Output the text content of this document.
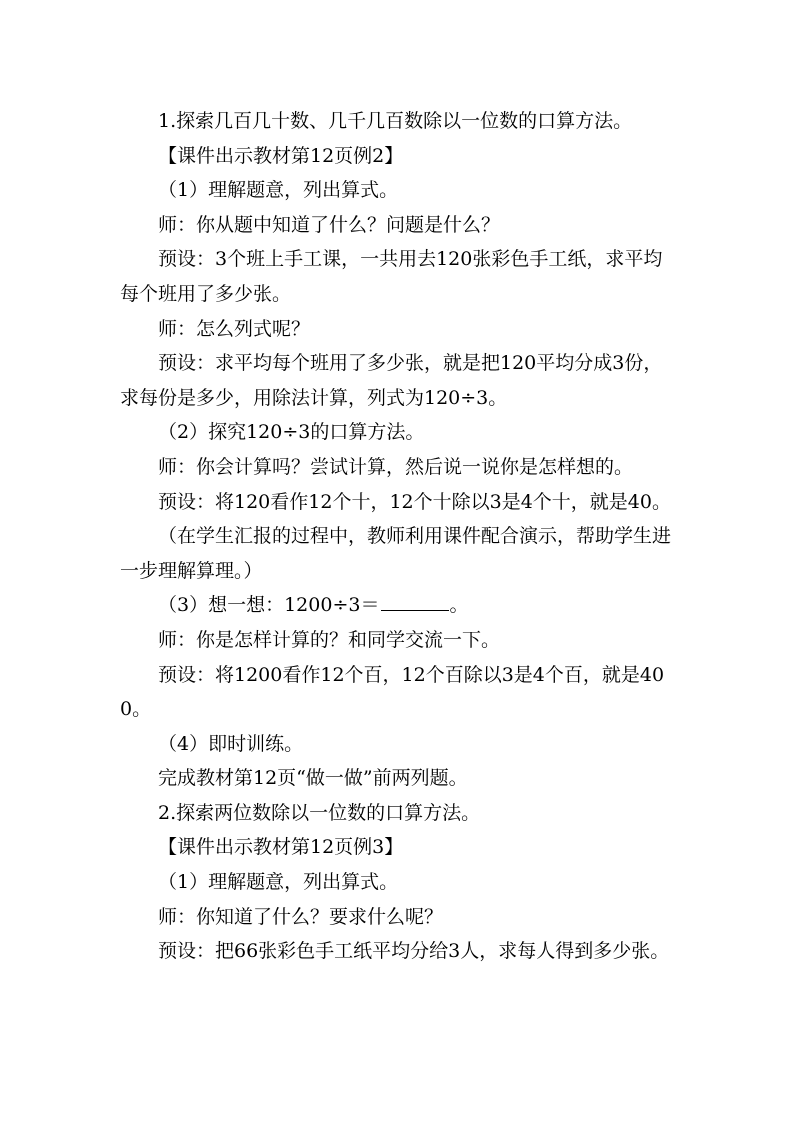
1.探索几百几十数、几千几百数除以一位数的口算方法。

【课件出示教材第12页例2】

（1）理解题意，列出算式。

师：你从题中知道了什么？问题是什么？

预设：3个班上手工课，一共用去120张彩色手工纸，求平均每个班用了多少张。

师：怎么列式呢？

预设：求平均每个班用了多少张，就是把120平均分成3份，求每份是多少，用除法计算，列式为120÷3。

（2）探究120÷3的口算方法。

师：你会计算吗？尝试计算，然后说一说你是怎样想的。

预设：将120看作12个十，12个十除以3是4个十，就是40。

（在学生汇报的过程中，教师利用课件配合演示，帮助学生进一步理解算理。）

（3）想一想：1200÷3＝	。

师：你是怎样计算的？和同学交流一下。

预设：将1200看作12个百，12个百除以3是4个百，就是400。

（4）即时训练。

完成教材第12页“做一做”前两列题。

2.探索两位数除以一位数的口算方法。

【课件出示教材第12页例3】

（1）理解题意，列出算式。

师：你知道了什么？要求什么呢？

预设：把66张彩色手工纸平均分给3人，求每人得到多少张。
